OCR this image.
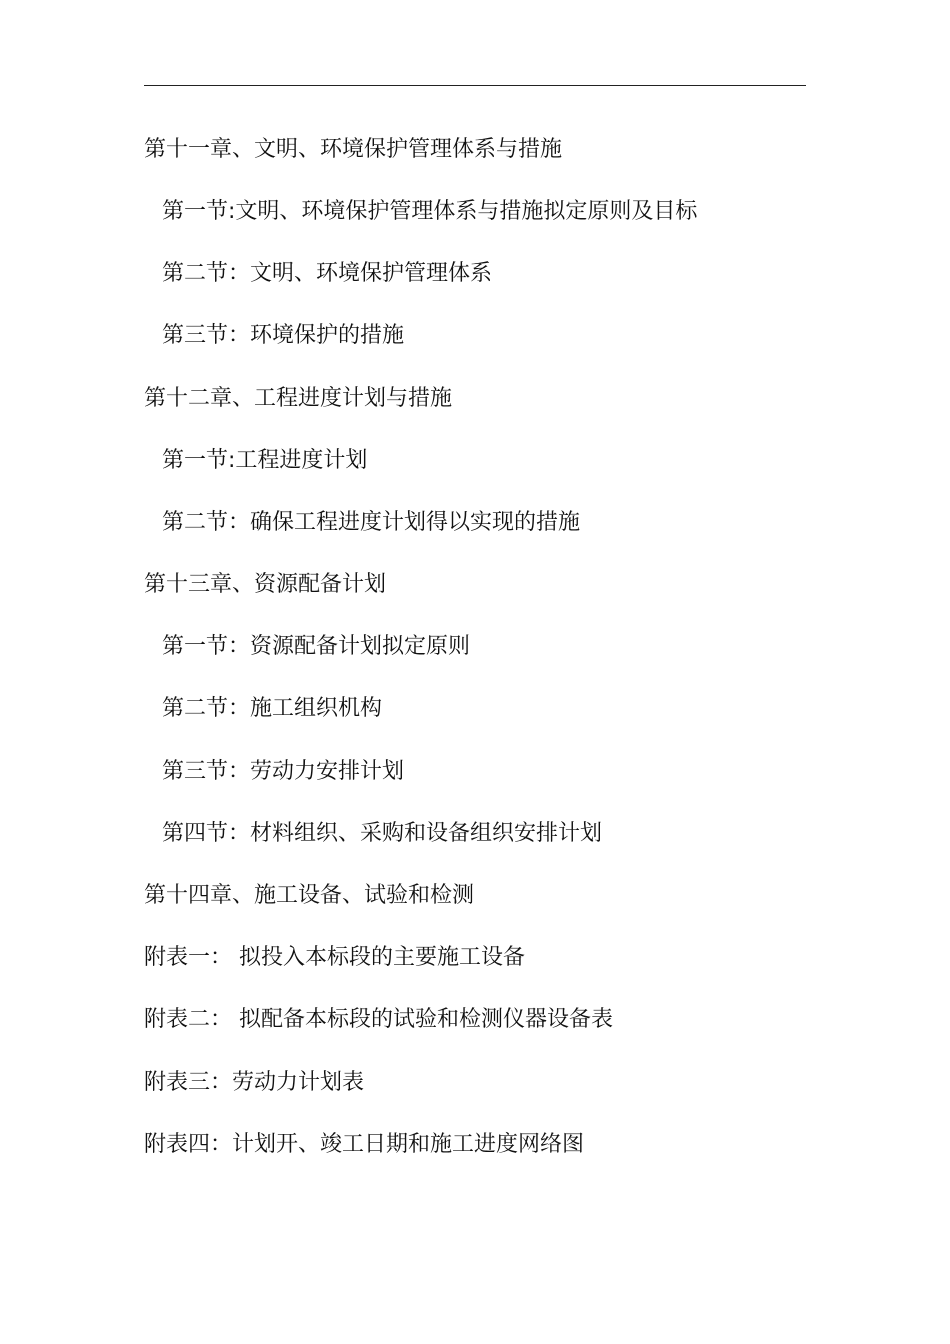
第十一章、文明、环境保护管理体系与措施
第一节:文明、环境保护管理体系与措施拟定原则及目标
第二节：文明、环境保护管理体系
第三节：环境保护的措施
第十二章、工程进度计划与措施
第一节:工程进度计划
第二节：确保工程进度计划得以实现的措施
第十三章、资源配备计划
第一节：资源配备计划拟定原则
第二节：施工组织机构
第三节：劳动力安排计划
第四节：材料组织、采购和设备组织安排计划
第十四章、施工设备、试验和检测
附表一： 拟投入本标段的主要施工设备
附表二： 拟配备本标段的试验和检测仪器设备表
附表三：劳动力计划表
附表四：计划开、竣工日期和施工进度网络图
